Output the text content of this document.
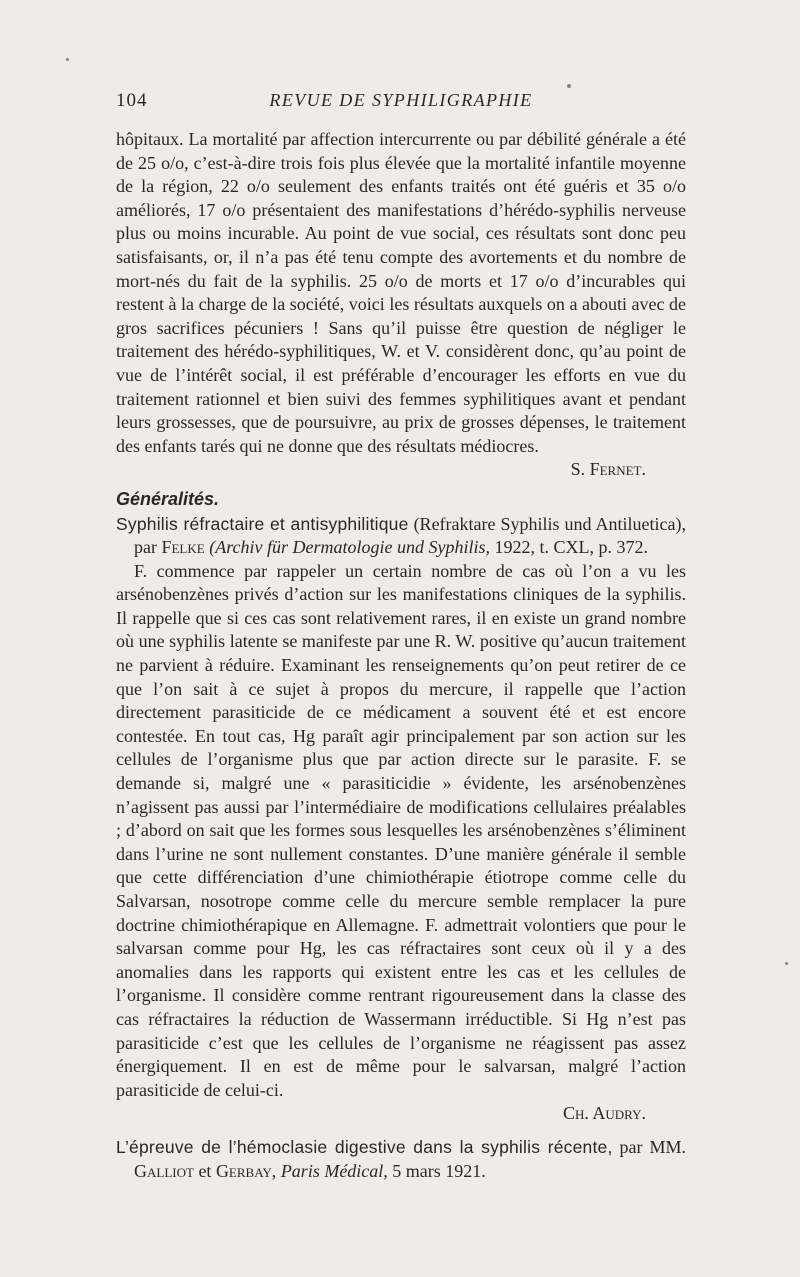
104	REVUE DE SYPHILIGRAPHIE

hôpitaux. La mortalité par affection intercurrente ou par débilité générale a été de 25 o/o, c’est-à-dire trois fois plus élevée que la mortalité infantile moyenne de la région, 22 o/o seulement des enfants traités ont été guéris et 35 o/o améliorés, 17 o/o présentaient des manifestations d’hérédo-syphilis nerveuse plus ou moins incurable. Au point de vue social, ces résultats sont donc peu satisfaisants, or, il n’a pas été tenu compte des avortements et du nombre de mort-nés du fait de la syphilis. 25 o/o de morts et 17 o/o d’incurables qui restent à la charge de la société, voici les résultats auxquels on a abouti avec de gros sacrifices pécuniers ! Sans qu’il puisse être question de négliger le traitement des hérédo-syphilitiques, W. et V. considèrent donc, qu’au point de vue de l’intérêt social, il est préférable d’encourager les efforts en vue du traitement rationnel et bien suivi des femmes syphilitiques avant et pendant leurs grossesses, que de poursuivre, au prix de grosses dépenses, le traitement des enfants tarés qui ne donne que des résultats médiocres.
S. Fernet.

Généralités.

Syphilis réfractaire et antisyphilitique (Refraktare Syphilis und Antiluetica), par Felke (Archiv für Dermatologie und Syphilis, 1922, t. CXL, p. 372.

F. commence par rappeler un certain nombre de cas où l’on a vu les arsénobenzènes privés d’action sur les manifestations cliniques de la syphilis. Il rappelle que si ces cas sont relativement rares, il en existe un grand nombre où une syphilis latente se manifeste par une R. W. positive qu’aucun traitement ne parvient à réduire. Examinant les renseignements qu’on peut retirer de ce que l’on sait à ce sujet à propos du mercure, il rappelle que l’action directement parasiticide de ce médicament a souvent été et est encore contestée. En tout cas, Hg paraît agir principalement par son action sur les cellules de l’organisme plus que par action directe sur le parasite. F. se demande si, malgré une « parasiticidie » évidente, les arsénobenzènes n’agissent pas aussi par l’intermédiaire de modifications cellulaires préalables ; d’abord on sait que les formes sous lesquelles les arsénobenzènes s’éliminent dans l’urine ne sont nullement constantes. D’une manière générale il semble que cette différenciation d’une chimiothérapie étiotrope comme celle du Salvarsan, nosotrope comme celle du mercure semble remplacer la pure doctrine chimiothérapique en Allemagne. F. admettrait volontiers que pour le salvarsan comme pour Hg, les cas réfractaires sont ceux où il y a des anomalies dans les rapports qui existent entre les cas et les cellules de l’organisme. Il considère comme rentrant rigoureusement dans la classe des cas réfractaires la réduction de Wassermann irréductible. Si Hg n’est pas parasiticide c’est que les cellules de l’organisme ne réagissent pas assez énergiquement. Il en est de même pour le salvarsan, malgré l’action parasiticide de celui-ci.
Ch. Audry.

L’épreuve de l’hémoclasie digestive dans la syphilis récente, par MM. Galliot et Gerbay, Paris Médical, 5 mars 1921.
